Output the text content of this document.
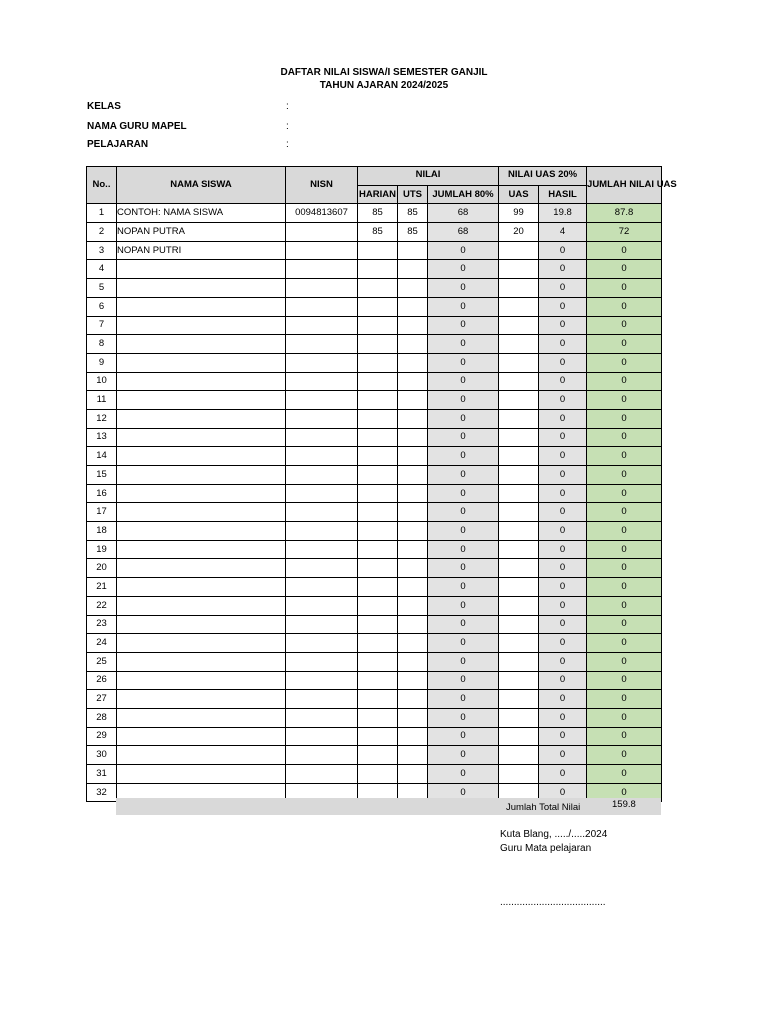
DAFTAR NILAI SISWA/I SEMESTER GANJIL
TAHUN AJARAN 2024/2025
KELAS	:
NAMA GURU MAPEL	:
PELAJARAN	:
No..	NAMA SISWA	NISN	NILAI			NILAI UAS 20%		JUMLAH NILAI UAS
			HARIAN	UTS	JUMLAH 80%	UAS	HASIL	
1	CONTOH: NAMA SISWA	0094813607	85	85	68	99	19.8	87.8
2	NOPAN PUTRA		85	85	68	20	4	72
3	NOPAN PUTRI				0		0	0
4					0		0	0
5					0		0	0
6					0		0	0
7					0		0	0
8					0		0	0
9					0		0	0
10					0		0	0
11					0		0	0
12					0		0	0
13					0		0	0
14					0		0	0
15					0		0	0
16					0		0	0
17					0		0	0
18					0		0	0
19					0		0	0
20					0		0	0
21					0		0	0
22					0		0	0
23					0		0	0
24					0		0	0
25					0		0	0
26					0		0	0
27					0		0	0
28					0		0	0
29					0		0	0
30					0		0	0
31					0		0	0
32					0		0	0
Jumlah Total Nilai	159.8
Kuta Blang, ...../.....2024
Guru Mata pelajaran
......................................
